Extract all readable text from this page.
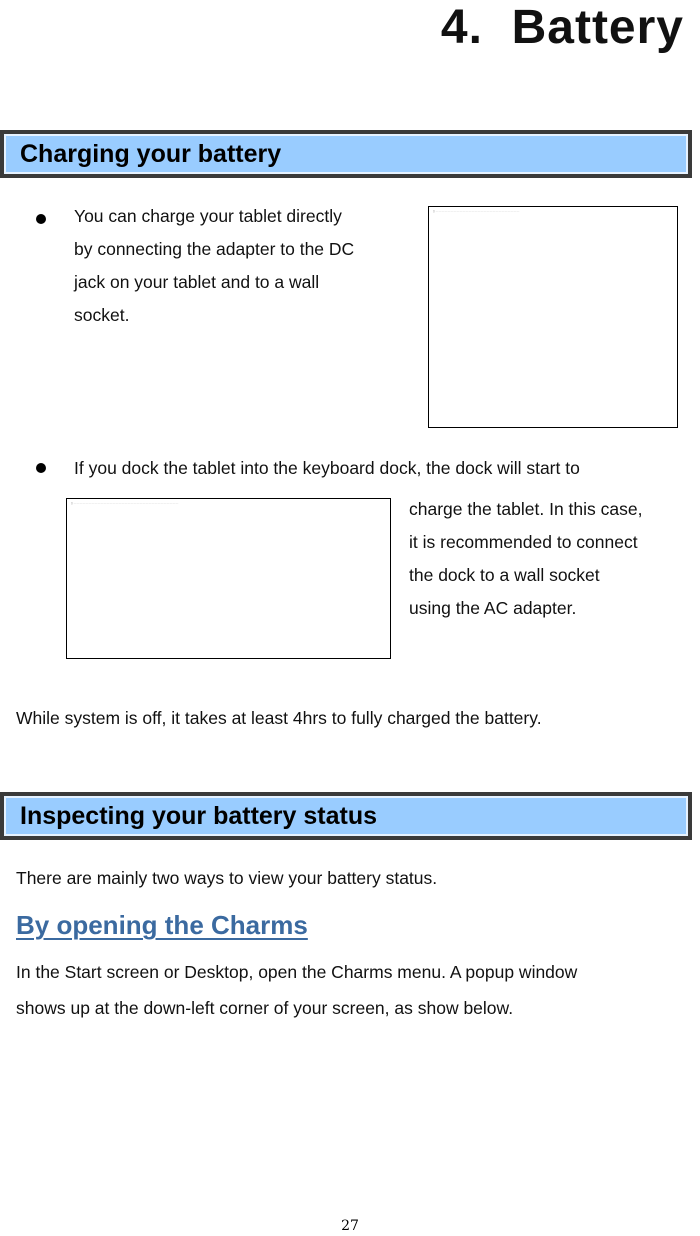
4.  Battery
Charging your battery
You can charge your tablet directly
by connecting the adapter to the DC
jack on your tablet and to a wall
socket.
▯ …………………………………………………………………………
If you dock the tablet into the keyboard dock, the dock will start to
▯ ……………………………………………………………………………………………	charge the tablet. In this case,
it is recommended to connect
the dock to a wall socket
using the AC adapter.
While system is off, it takes at least 4hrs to fully charged the battery.
Inspecting your battery status
There are mainly two ways to view your battery status.
By opening the Charms
In the Start screen or Desktop, open the Charms menu. A popup window
shows up at the down-left corner of your screen, as show below.
27
